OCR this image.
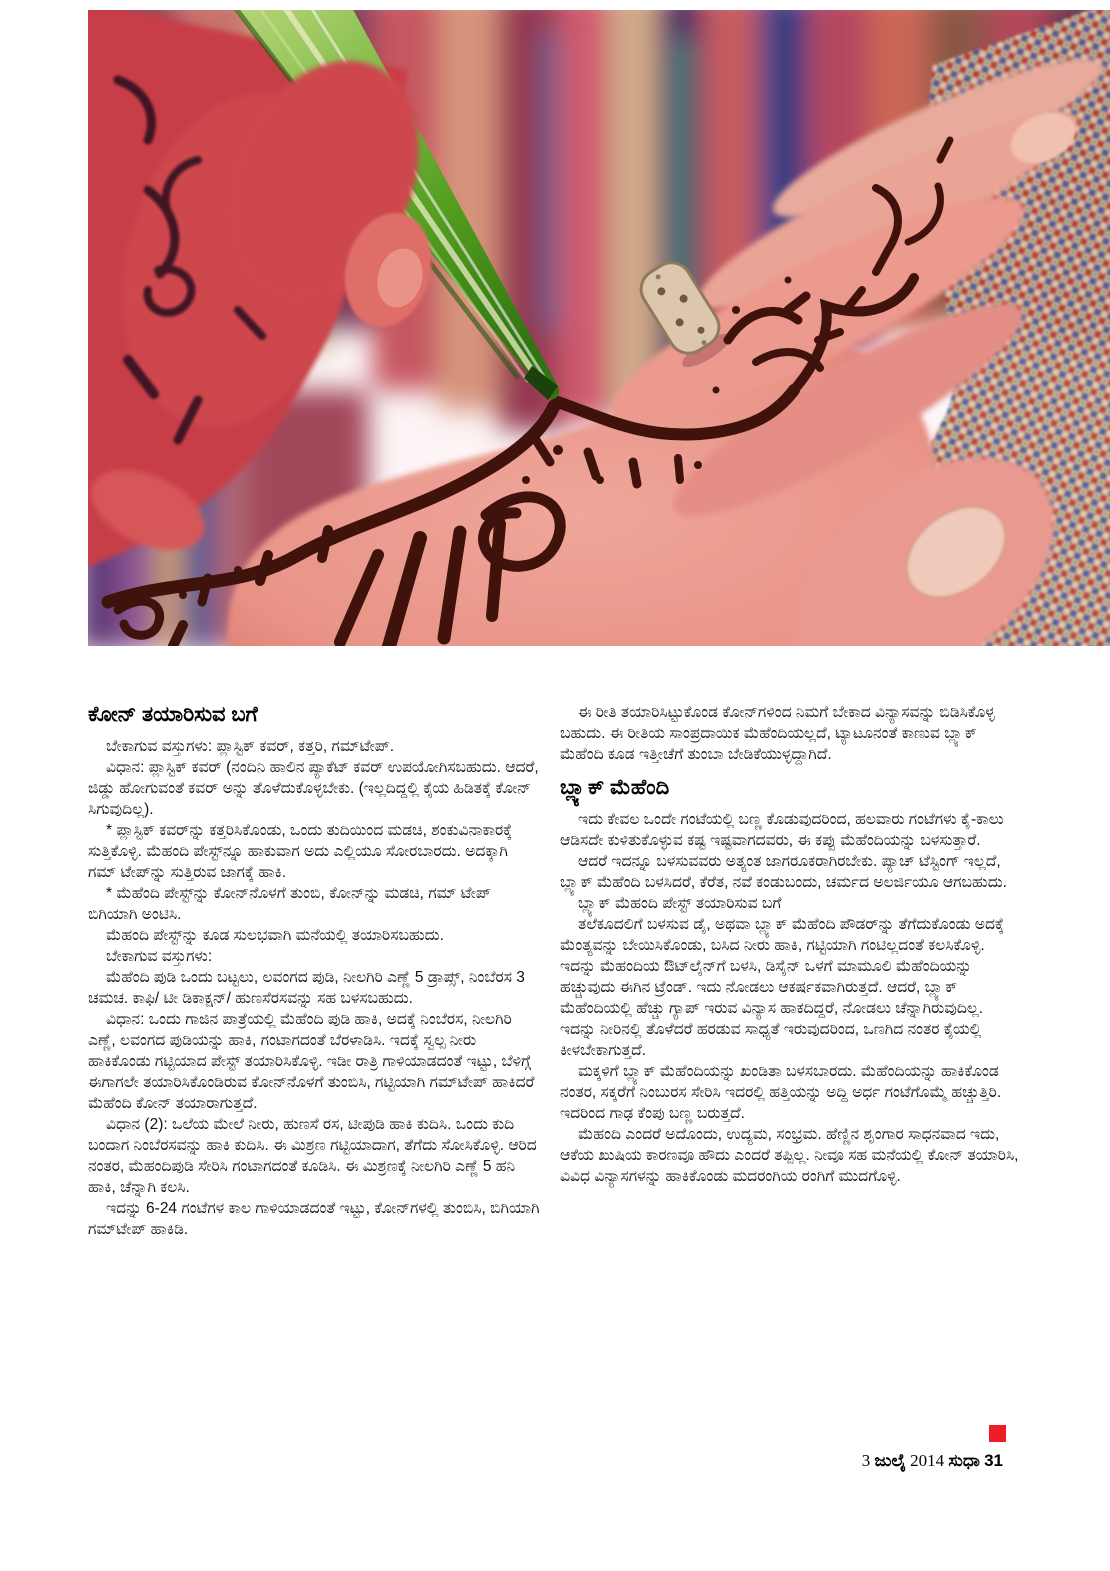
ಕೋನ್ ತಯಾರಿಸುವ ಬಗೆ

ಬೇಕಾಗುವ ವಸ್ತುಗಳು: ಪ್ಲಾಸ್ಟಿಕ್ ಕವರ್, ಕತ್ತರಿ, ಗಮ್‌ಟೇಪ್.

ವಿಧಾನ: ಪ್ಲಾಸ್ಟಿಕ್ ಕವರ್ (ನಂದಿನಿ ಹಾಲಿನ ಪ್ಯಾಕೆಟ್ ಕವರ್ ಉಪಯೋಗಿಸಬಹುದು. ಆದರೆ, ಜಿಡ್ಡು ಹೋಗುವಂತೆ ಕವರ್ ಅನ್ನು ತೊಳೆದುಕೊಳ್ಳಬೇಕು. (ಇಲ್ಲದಿದ್ದಲ್ಲಿ ಕೈಯ ಹಿಡಿತಕ್ಕೆ ಕೋನ್ ಸಿಗುವುದಿಲ್ಲ).

* ಪ್ಲಾಸ್ಟಿಕ್ ಕವರ್‌ನ್ನು ಕತ್ತರಿಸಿಕೊಂಡು, ಒಂದು ತುದಿಯಿಂದ ಮಡಚಿ, ಶಂಕುವಿನಾಕಾರಕ್ಕೆ ಸುತ್ತಿಕೊಳ್ಳಿ. ಮೆಹಂದಿ ಪೇಸ್ಟ್‌ನ್ನೂ ಹಾಕುವಾಗ ಅದು ಎಲ್ಲಿಯೂ ಸೋರಬಾರದು. ಅದಕ್ಕಾಗಿ ಗಮ್ ಟೇಪ್‌ನ್ನು ಸುತ್ತಿರುವ ಜಾಗಕ್ಕೆ ಹಾಕಿ.

* ಮೆಹೆಂದಿ ಪೇಸ್ಟ್‌ನ್ನು ಕೋನ್‌ನೊಳಗೆ ತುಂಬಿ, ಕೋನ್‌ನ್ನು ಮಡಚಿ, ಗಮ್ ಟೇಪ್ ಬಿಗಿಯಾಗಿ ಅಂಟಿಸಿ.

ಮೆಹಂದಿ ಪೇಸ್ಟ್‌ನ್ನು ಕೂಡ ಸುಲಭವಾಗಿ ಮನೆಯಲ್ಲಿ ತಯಾರಿಸಬಹುದು.

ಬೇಕಾಗುವ ವಸ್ತುಗಳು:

ಮೆಹೆಂದಿ ಪುಡಿ ಒಂದು ಬಟ್ಟಲು, ಲವಂಗದ ಪುಡಿ, ನೀಲಗಿರಿ ಎಣ್ಣೆ 5 ಡ್ರಾಪ್ಸ್, ನಿಂಬೆರಸ 3 ಚಮಚ. ಕಾಫಿ/ ಟೀ ಡಿಕಾಕ್ಷನ್/ ಹುಣಸೆರಸವನ್ನು ಸಹ ಬಳಸಬಹುದು.

ವಿಧಾನ: ಒಂದು ಗಾಜಿನ ಪಾತ್ರೆಯಲ್ಲಿ ಮೆಹೆಂದಿ ಪುಡಿ ಹಾಕಿ, ಅದಕ್ಕೆ ನಿಂಬೆರಸ, ನೀಲಗಿರಿ ಎಣ್ಣೆ, ಲವಂಗದ ಪುಡಿಯನ್ನು ಹಾಕಿ, ಗಂಟಾಗದಂತೆ ಬೆರಳಾಡಿಸಿ. ಇದಕ್ಕೆ ಸ್ವಲ್ಪ ನೀರು ಹಾಕಿಕೊಂಡು ಗಟ್ಟಿಯಾದ ಪೇಸ್ಟ್ ತಯಾರಿಸಿಕೊಳ್ಳಿ. ಇಡೀ ರಾತ್ರಿ ಗಾಳಿಯಾಡದಂತೆ ಇಟ್ಟು, ಬೆಳಿಗ್ಗೆ ಈಗಾಗಲೇ ತಯಾರಿಸಿಕೊಂಡಿರುವ ಕೋನ್‌ನೊಳಗೆ ತುಂಬಿಸಿ, ಗಟ್ಟಿಯಾಗಿ ಗಮ್‌ಟೇಪ್ ಹಾಕಿದರೆ ಮೆಹೆಂದಿ ಕೋನ್ ತಯಾರಾಗುತ್ತದೆ.

ವಿಧಾನ (2): ಒಲೆಯ ಮೇಲೆ ನೀರು, ಹುಣಸೆ ರಸ, ಟೀಪುಡಿ ಹಾಕಿ ಕುದಿಸಿ. ಒಂದು ಕುದಿ ಬಂದಾಗ ನಿಂಬೆರಸವನ್ನು ಹಾಕಿ ಕುದಿಸಿ. ಈ ಮಿಶ್ರಣ ಗಟ್ಟಿಯಾದಾಗ, ತೆಗೆದು ಸೋಸಿಕೊಳ್ಳಿ. ಆರಿದ ನಂತರ, ಮೆಹಂದಿಪುಡಿ ಸೇರಿಸಿ ಗಂಟಾಗದಂತೆ ಕೂಡಿಸಿ. ಈ ಮಿಶ್ರಣಕ್ಕೆ ನೀಲಗಿರಿ ಎಣ್ಣೆ 5 ಹನಿ ಹಾಕಿ, ಚೆನ್ನಾಗಿ ಕಲಸಿ.

ಇದನ್ನು 6-24 ಗಂಟೆಗಳ ಕಾಲ ಗಾಳಿಯಾಡದಂತೆ ಇಟ್ಟು, ಕೋನ್‌ಗಳಲ್ಲಿ ತುಂಬಿಸಿ, ಬಿಗಿಯಾಗಿ ಗಮ್‌ಟೇಪ್ ಹಾಕಿಡಿ.

ಈ ರೀತಿ ತಯಾರಿಸಿಟ್ಟುಕೊಂಡ ಕೋನ್‌ಗಳಿಂದ ನಿಮಗೆ ಬೇಕಾದ ವಿನ್ಯಾಸವನ್ನು ಬಿಡಿಸಿಕೊಳ್ಳ ಬಹುದು. ಈ ರೀತಿಯ ಸಾಂಪ್ರದಾಯಿಕ ಮೆಹೆಂದಿಯಲ್ಲದೆ, ಟ್ಯಾಟೂನಂತೆ ಕಾಣುವ ಬ್ಲ್ಯಾಕ್ ಮೆಹೆಂದಿ ಕೂಡ ಇತ್ತೀಚೆಗೆ ತುಂಬಾ ಬೇಡಿಕೆಯುಳ್ಳದ್ದಾಗಿದೆ.

ಬ್ಲ್ಯಾಕ್ ಮೆಹೆಂದಿ

ಇದು ಕೇವಲ ಒಂದೇ ಗಂಟೆಯಲ್ಲಿ ಬಣ್ಣ ಕೊಡುವುದರಿಂದ, ಹಲವಾರು ಗಂಟೆಗಳು ಕೈ-ಕಾಲು ಆಡಿಸದೇ ಕುಳಿತುಕೊಳ್ಳುವ ಕಷ್ಟ ಇಷ್ಟವಾಗದವರು, ಈ ಕಪ್ಪು ಮೆಹೆಂದಿಯನ್ನು ಬಳಸುತ್ತಾರೆ.

ಆದರೆ ಇದನ್ನೂ ಬಳಸುವವರು ಅತ್ಯಂತ ಜಾಗರೂಕರಾಗಿರಬೇಕು. ಪ್ಯಾಚ್ ಟೆಸ್ಟಿಂಗ್ ಇಲ್ಲದೆ, ಬ್ಲ್ಯಾಕ್ ಮೆಹೆಂದಿ ಬಳಸಿದರೆ, ಕೆರೆತ, ನವೆ ಕಂಡುಬಂದು, ಚರ್ಮದ ಅಲರ್ಜಿಯೂ ಆಗಬಹುದು.

ಬ್ಲ್ಯಾಕ್ ಮೆಹಂದಿ ಪೇಸ್ಟ್ ತಯಾರಿಸುವ ಬಗೆ

ತಲೆಕೂದಲಿಗೆ ಬಳಸುವ ಡೈ, ಅಥವಾ ಬ್ಲ್ಯಾಕ್ ಮೆಹೆಂದಿ ಪೌಡರ್‌ನ್ನು ತೆಗೆದುಕೊಂಡು ಅದಕ್ಕೆ ಮೆಂತ್ಯವನ್ನು ಬೇಯಿಸಿಕೊಂಡು, ಬಸಿದ ನೀರು ಹಾಕಿ, ಗಟ್ಟಿಯಾಗಿ ಗಂಟಿಲ್ಲದಂತೆ ಕಲಸಿಕೊಳ್ಳಿ. ಇದನ್ನು ಮೆಹಂದಿಯ ಔಟ್‌ಲೈನ್‌ಗೆ ಬಳಸಿ, ಡಿಸೈನ್ ಒಳಗೆ ಮಾಮೂಲಿ ಮೆಹೆಂದಿಯನ್ನು ಹಚ್ಚುವುದು ಈಗಿನ ಟ್ರೆಂಡ್. ಇದು ನೋಡಲು ಆಕರ್ಷಕವಾಗಿರುತ್ತದೆ. ಆದರೆ, ಬ್ಲ್ಯಾಕ್ ಮೆಹೆಂದಿಯಲ್ಲಿ ಹೆಚ್ಚು ಗ್ಯಾಪ್ ಇರುವ ವಿನ್ಯಾಸ ಹಾಕದಿದ್ದರೆ, ನೋಡಲು ಚೆನ್ನಾಗಿರುವುದಿಲ್ಲ. ಇದನ್ನು ನೀರಿನಲ್ಲಿ ತೊಳೆದರೆ ಹರಡುವ ಸಾಧ್ಯತೆ ಇರುವುದರಿಂದ, ಒಣಗಿದ ನಂತರ ಕೈಯಲ್ಲಿ ಕೀಳಬೇಕಾಗುತ್ತದೆ.

ಮಕ್ಕಳಿಗೆ ಬ್ಲ್ಯಾಕ್ ಮೆಹೆಂದಿಯನ್ನು ಖಂಡಿತಾ ಬಳಸಬಾರದು. ಮೆಹೆಂದಿಯನ್ನು ಹಾಕಿಕೊಂಡ ನಂತರ, ಸಕ್ಕರೆಗೆ ನಿಂಬುರಸ ಸೇರಿಸಿ ಇದರಲ್ಲಿ ಹತ್ತಿಯನ್ನು ಅದ್ದಿ ಅರ್ಧ ಗಂಟೆಗೊಮ್ಮೆ ಹಚ್ಚುತ್ತಿರಿ. ಇದರಿಂದ ಗಾಢ ಕೆಂಪು ಬಣ್ಣ ಬರುತ್ತದೆ.

ಮೆಹಂದಿ ಎಂದರೆ ಅದೊಂದು, ಉದ್ಯಮ, ಸಂಭ್ರಮ. ಹೆಣ್ಣಿನ ಶೃಂಗಾರ ಸಾಧನವಾದ ಇದು, ಆಕೆಯ ಖುಷಿಯ ಕಾರಣವೂ ಹೌದು ಎಂದರೆ ತಪ್ಪಿಲ್ಲ. ನೀವೂ ಸಹ ಮನೆಯಲ್ಲಿ ಕೋನ್ ತಯಾರಿಸಿ, ವಿವಿಧ ವಿನ್ಯಾಸಗಳನ್ನು ಹಾಕಿಕೊಂಡು ಮದರಂಗಿಯ ರಂಗಿಗೆ ಮುದಗೊಳ್ಳಿ.

3 ಜುಲೈ 2014 ಸುಧಾ 31
